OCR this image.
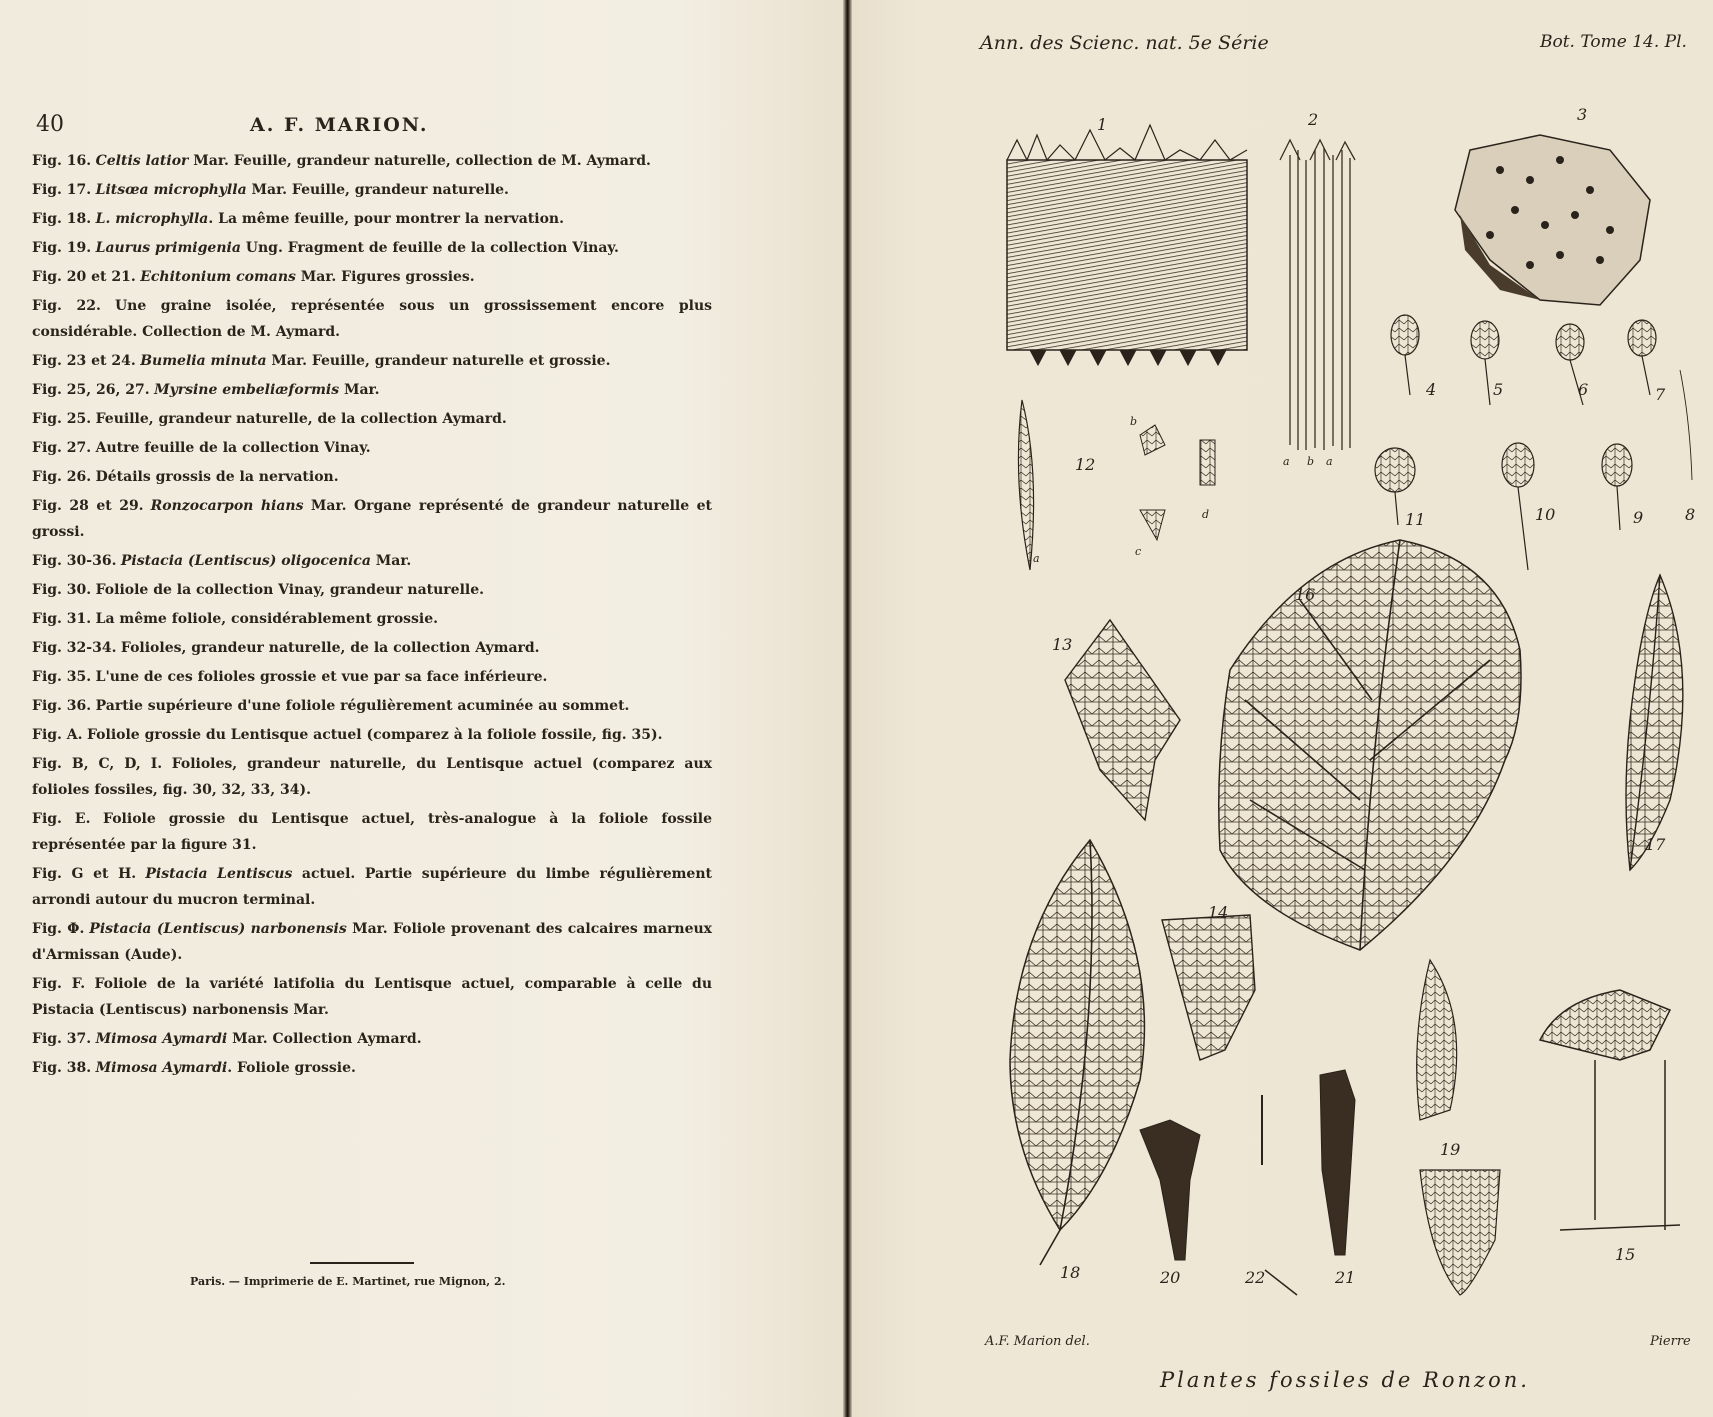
40	A. F. MARION.
Fig. 16. Celtis latior Mar. Feuille, grandeur naturelle, collection de M. Aymard.
Fig. 17. Litsœa microphylla Mar. Feuille, grandeur naturelle.
Fig. 18. L. microphylla. La même feuille, pour montrer la nervation.
Fig. 19. Laurus primigenia Ung. Fragment de feuille de la collection Vinay.
Fig. 20 et 21. Echitonium comans Mar. Figures grossies.
Fig. 22. Une graine isolée, représentée sous un grossissement encore plus considérable. Collection de M. Aymard.
Fig. 23 et 24. Bumelia minuta Mar. Feuille, grandeur naturelle et grossie.
Fig. 25, 26, 27. Myrsine embeliæformis Mar.
Fig. 25. Feuille, grandeur naturelle, de la collection Aymard.
Fig. 27. Autre feuille de la collection Vinay.
Fig. 26. Détails grossis de la nervation.
Fig. 28 et 29. Ronzocarpon hians Mar. Organe représenté de grandeur naturelle et grossi.
Fig. 30-36. Pistacia (Lentiscus) oligocenica Mar.
Fig. 30. Foliole de la collection Vinay, grandeur naturelle.
Fig. 31. La même foliole, considérablement grossie.
Fig. 32-34. Folioles, grandeur naturelle, de la collection Aymard.
Fig. 35. L'une de ces folioles grossie et vue par sa face inférieure.
Fig. 36. Partie supérieure d'une foliole régulièrement acuminée au sommet.
Fig. A. Foliole grossie du Lentisque actuel (comparez à la foliole fossile, fig. 35).
Fig. B, C, D, I. Folioles, grandeur naturelle, du Lentisque actuel (comparez aux folioles fossiles, fig. 30, 32, 33, 34).
Fig. E. Foliole grossie du Lentisque actuel, très-analogue à la foliole fossile représentée par la figure 31.
Fig. G et H. Pistacia Lentiscus actuel. Partie supérieure du limbe régulièrement arrondi autour du mucron terminal.
Fig. Φ. Pistacia (Lentiscus) narbonensis Mar. Foliole provenant des calcaires marneux d'Armissan (Aude).
Fig. F. Foliole de la variété latifolia du Lentisque actuel, comparable à celle du Pistacia (Lentiscus) narbonensis Mar.
Fig. 37. Mimosa Aymardi Mar. Collection Aymard.
Fig. 38. Mimosa Aymardi. Foliole grossie.
Paris. — Imprimerie de E. Martinet, rue Mignon, 2.
Ann. des Scienc. nat. 5e Série	Bot. Tome 14. Pl.
1	2	3
4	5	6	7
8
9
10
11
12
13
14
15
16
17
18
19
20	21
22
a b a
b
c
d
a
A.F. Marion del.	Pierre
Plantes fossiles de Ronzon.
